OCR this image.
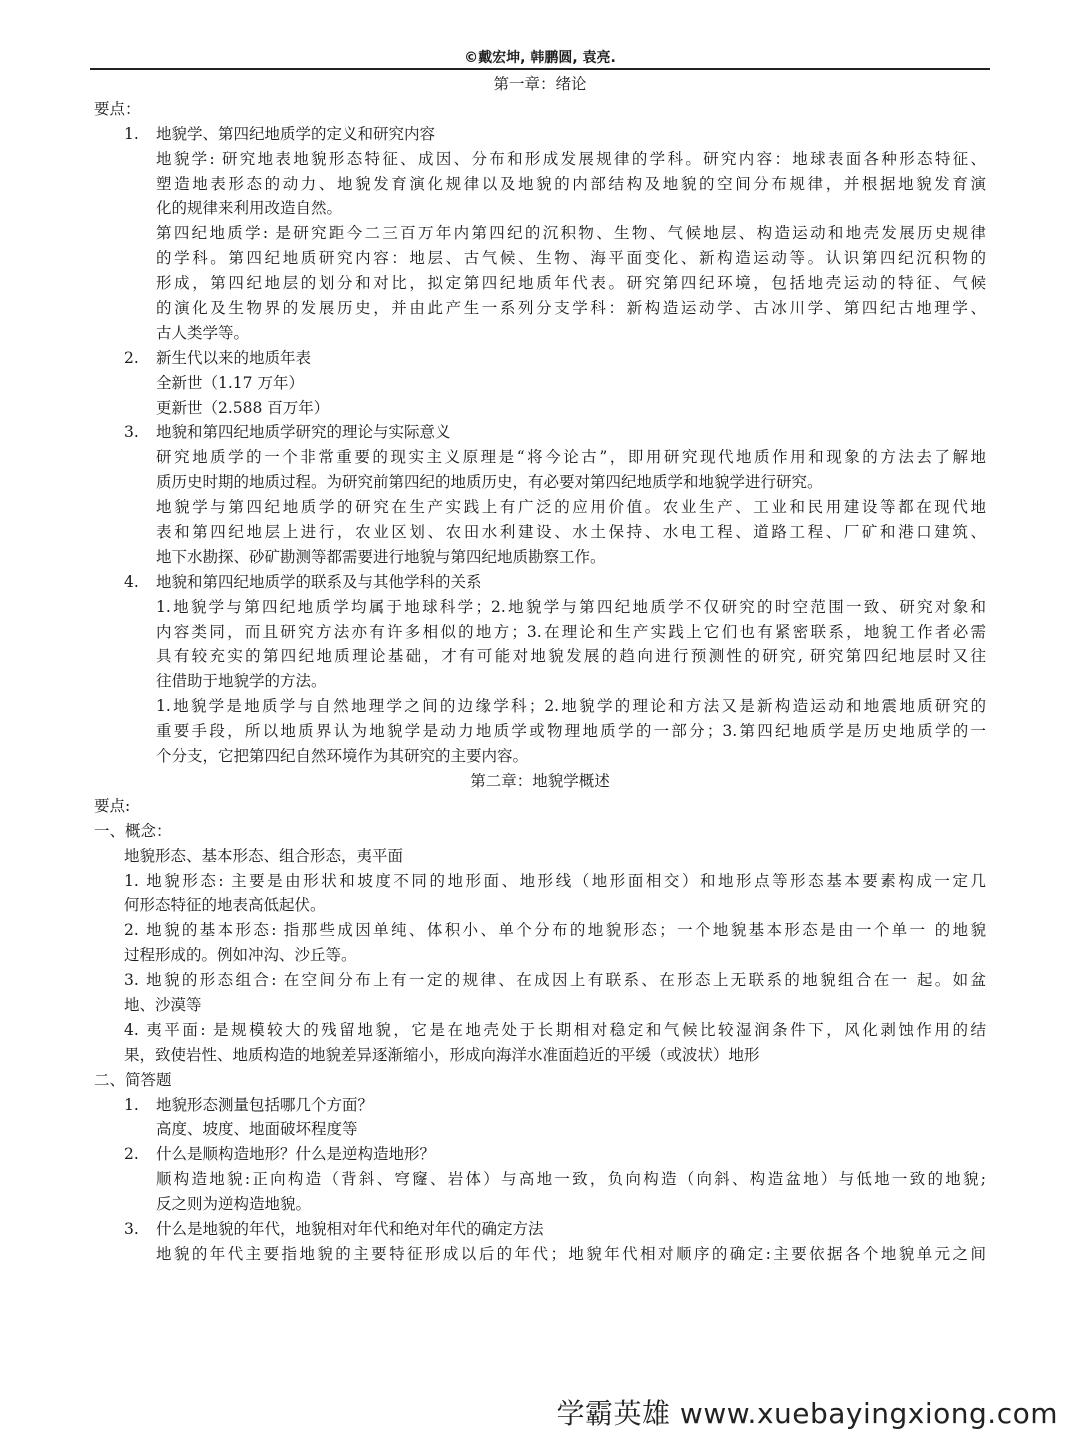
©戴宏坤, 韩鹏圆, 袁亮.
第一章：绪论
要点：
1. 地貌学、第四纪地质学的定义和研究内容
地貌学: 研究地表地貌形态特征、成因、分布和形成发展规律的学科。研究内容：地球表面各种形态特征、
塑造地表形态的动力、地貌发育演化规律以及地貌的内部结构及地貌的空间分布规律，并根据地貌发育演
化的规律来利用改造自然。
第四纪地质学: 是研究距今二三百万年内第四纪的沉积物、生物、气候地层、构造运动和地壳发展历史规律
的学科。第四纪地质研究内容：地层、古气候、生物、海平面变化、新构造运动等。认识第四纪沉积物的
形成，第四纪地层的划分和对比，拟定第四纪地质年代表。研究第四纪环境，包括地壳运动的特征、气候
的演化及生物界的发展历史，并由此产生一系列分支学科：新构造运动学、古冰川学、第四纪古地理学、
古人类学等。
2. 新生代以来的地质年表
全新世（1.17 万年）
更新世（2.588 百万年）
3. 地貌和第四纪地质学研究的理论与实际意义
研究地质学的一个非常重要的现实主义原理是“将今论古”，即用研究现代地质作用和现象的方法去了解地
质历史时期的地质过程。为研究前第四纪的地质历史，有必要对第四纪地质学和地貌学进行研究。
地貌学与第四纪地质学的研究在生产实践上有广泛的应用价值。农业生产、工业和民用建设等都在现代地
表和第四纪地层上进行，农业区划、农田水利建设、水土保持、水电工程、道路工程、厂矿和港口建筑、
地下水勘探、砂矿勘测等都需要进行地貌与第四纪地质勘察工作。
4. 地貌和第四纪地质学的联系及与其他学科的关系
1.地貌学与第四纪地质学均属于地球科学；2.地貌学与第四纪地质学不仅研究的时空范围一致、研究对象和
内容类同，而且研究方法亦有许多相似的地方；3.在理论和生产实践上它们也有紧密联系，地貌工作者必需
具有较充实的第四纪地质理论基础，才有可能对地貌发展的趋向进行预测性的研究, 研究第四纪地层时又往
往借助于地貌学的方法。
1.地貌学是地质学与自然地理学之间的边缘学科；2.地貌学的理论和方法又是新构造运动和地震地质研究的
重要手段，所以地质界认为地貌学是动力地质学或物理地质学的一部分；3.第四纪地质学是历史地质学的一
个分支，它把第四纪自然环境作为其研究的主要内容。
第二章：地貌学概述
要点:
一、概念：
地貌形态、基本形态、组合形态，夷平面
1. 地貌形态: 主要是由形状和坡度不同的地形面、地形线（地形面相交）和地形点等形态基本要素构成一定几
何形态特征的地表高低起伏。
2. 地貌的基本形态: 指那些成因单纯、体积小、单个分布的地貌形态；一个地貌基本形态是由一个单一 的地貌
过程形成的。例如冲沟、沙丘等。
3. 地貌的形态组合: 在空间分布上有一定的规律、在成因上有联系、在形态上无联系的地貌组合在一 起。如盆
地、沙漠等
4. 夷平面: 是规模较大的残留地貌，它是在地壳处于长期相对稳定和气候比较湿润条件下，风化剥蚀作用的结
果，致使岩性、地质构造的地貌差异逐渐缩小，形成向海洋水准面趋近的平缓（或波状）地形
二、简答题
1. 地貌形态测量包括哪几个方面？
高度、坡度、地面破坏程度等
2. 什么是顺构造地形？什么是逆构造地形？
顺构造地貌:正向构造（背斜、穹窿、岩体）与高地一致，负向构造（向斜、构造盆地）与低地一致的地貌;
反之则为逆构造地貌。
3. 什么是地貌的年代，地貌相对年代和绝对年代的确定方法
地貌的年代主要指地貌的主要特征形成以后的年代；地貌年代相对顺序的确定:主要依据各个地貌单元之间
学霸英雄 www.xuebayingxiong.com
